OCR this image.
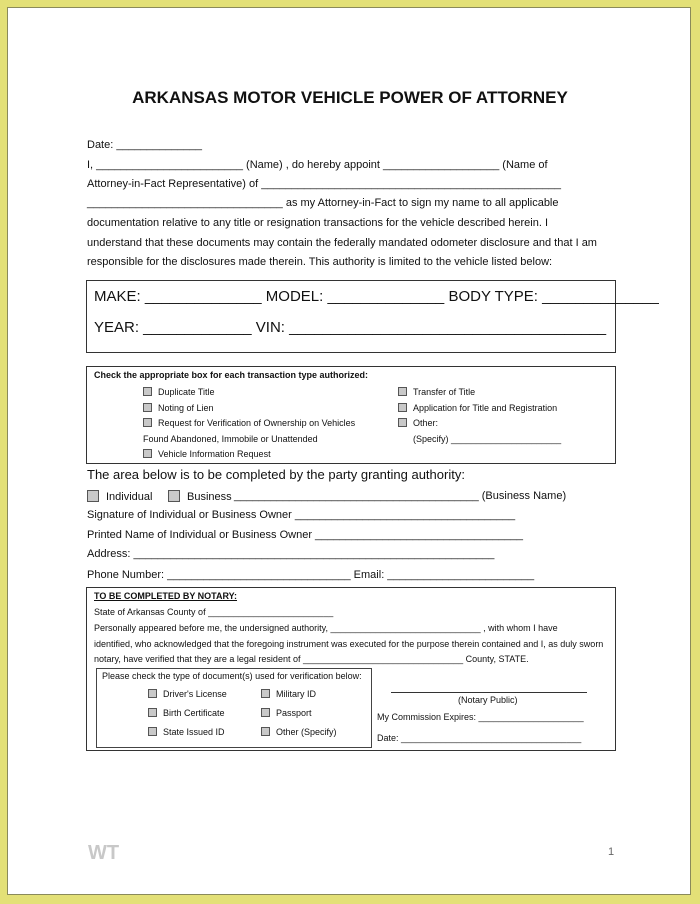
ARKANSAS MOTOR VEHICLE POWER OF ATTORNEY
Date: ______________
I, ________________________ (Name) , do hereby appoint ___________________ (Name of
Attorney-in-Fact Representative) of _________________________________________________
________________________________ as my Attorney-in-Fact to sign my name to all applicable
documentation relative to any title or resignation transactions for the vehicle described herein. I
understand that these documents may contain the federally mandated odometer disclosure and that I am
responsible for the disclosures made therein. This authority is limited to the vehicle listed below:
MAKE: ______________ MODEL: ______________ BODY TYPE: ______________
YEAR: _____________ VIN: ______________________________________
Check the appropriate box for each transaction type authorized:
Duplicate Title
Noting of Lien
Request for Verification of Ownership on Vehicles
Found Abandoned, Immobile or Unattended
Vehicle Information Request
Transfer of Title
Application for Title and Registration
Other:
(Specify) ______________________
The area below is to be completed by the party granting authority:
Individual	Business ________________________________________ (Business Name)
Signature of Individual or Business Owner ____________________________________
Printed Name of Individual or Business Owner __________________________________
Address: ___________________________________________________________
Phone Number: ______________________________ Email: ________________________
TO BE COMPLETED BY NOTARY:
State of Arkansas County of _________________________
Personally appeared before me, the undersigned authority, ______________________________ , with whom I have
identified, who acknowledged that the foregoing instrument was executed for the purpose therein contained and I, as duly sworn
notary, have verified that they are a legal resident of ________________________________ County, STATE.
Please check the type of document(s) used for verification below:
Driver's License
Birth Certificate
State Issued ID
Military ID
Passport
Other (Specify)
(Notary Public)
My Commission Expires: _____________________
Date: ____________________________________
WT	1
